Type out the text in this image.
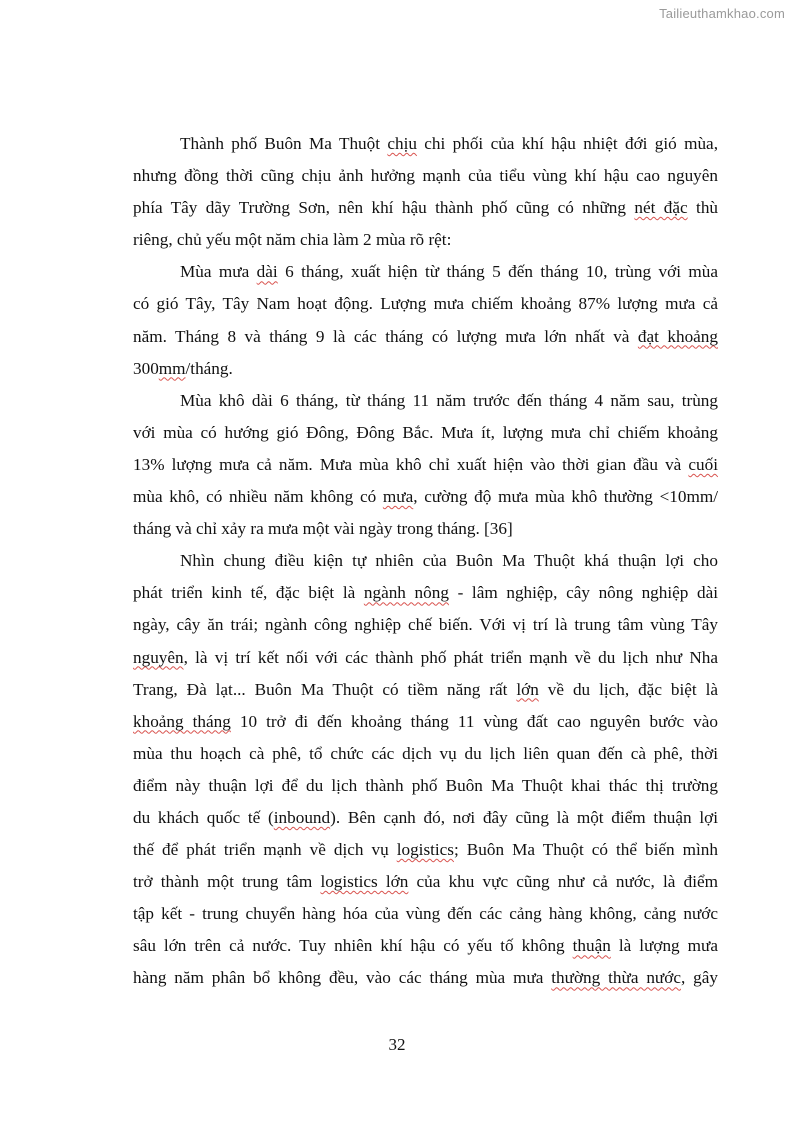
Tailieuthamkhao.com
Thành phố Buôn Ma Thuột chịu chi phối của khí hậu nhiệt đới gió mùa,
nhưng đồng thời cũng chịu ảnh hưởng mạnh của tiểu vùng khí hậu cao nguyên
phía Tây dãy Trường Sơn, nên khí hậu thành phố cũng có những nét đặc thù
riêng, chủ yếu một năm chia làm 2 mùa rõ rệt:
Mùa mưa dài 6 tháng, xuất hiện từ tháng 5 đến tháng 10, trùng với mùa
có gió Tây, Tây Nam hoạt động. Lượng mưa chiếm khoảng 87% lượng mưa cả
năm. Tháng 8 và tháng 9 là các tháng có lượng mưa lớn nhất và đạt khoảng
300mm/tháng.
Mùa khô dài 6 tháng, từ tháng 11 năm trước đến tháng 4 năm sau, trùng
với mùa có hướng gió Đông, Đông Bắc. Mưa ít, lượng mưa chỉ chiếm khoảng
13% lượng mưa cả năm. Mưa mùa khô chỉ xuất hiện vào thời gian đầu và cuối
mùa khô, có nhiều năm không có mưa, cường độ mưa mùa khô thường <10mm/
tháng và chỉ xảy ra mưa một vài ngày trong tháng. [36]
Nhìn chung điều kiện tự nhiên của Buôn Ma Thuột khá thuận lợi cho
phát triển kinh tế, đặc biệt là ngành nông - lâm nghiệp, cây nông nghiệp dài
ngày, cây ăn trái; ngành công nghiệp chế biến. Với vị trí là trung tâm vùng Tây
nguyên, là vị trí kết nối với các thành phố phát triển mạnh về du lịch như Nha
Trang, Đà lạt... Buôn Ma Thuột có tiềm năng rất lớn về du lịch, đặc biệt là
khoảng tháng 10 trở đi đến khoảng tháng 11 vùng đất cao nguyên bước vào
mùa thu hoạch cà phê, tổ chức các dịch vụ du lịch liên quan đến cà phê, thời
điểm này thuận lợi để du lịch thành phố Buôn Ma Thuột khai thác thị trường
du khách quốc tế (inbound). Bên cạnh đó, nơi đây cũng là một điểm thuận lợi
thế để phát triển mạnh về dịch vụ logistics; Buôn Ma Thuột có thể biến mình
trở thành một trung tâm logistics lớn của khu vực cũng như cả nước, là điểm
tập kết - trung chuyển hàng hóa của vùng đến các cảng hàng không, cảng nước
sâu lớn trên cả nước. Tuy nhiên khí hậu có yếu tố không thuận là lượng mưa
hàng năm phân bổ không đều, vào các tháng mùa mưa thường thừa nước, gây
32
